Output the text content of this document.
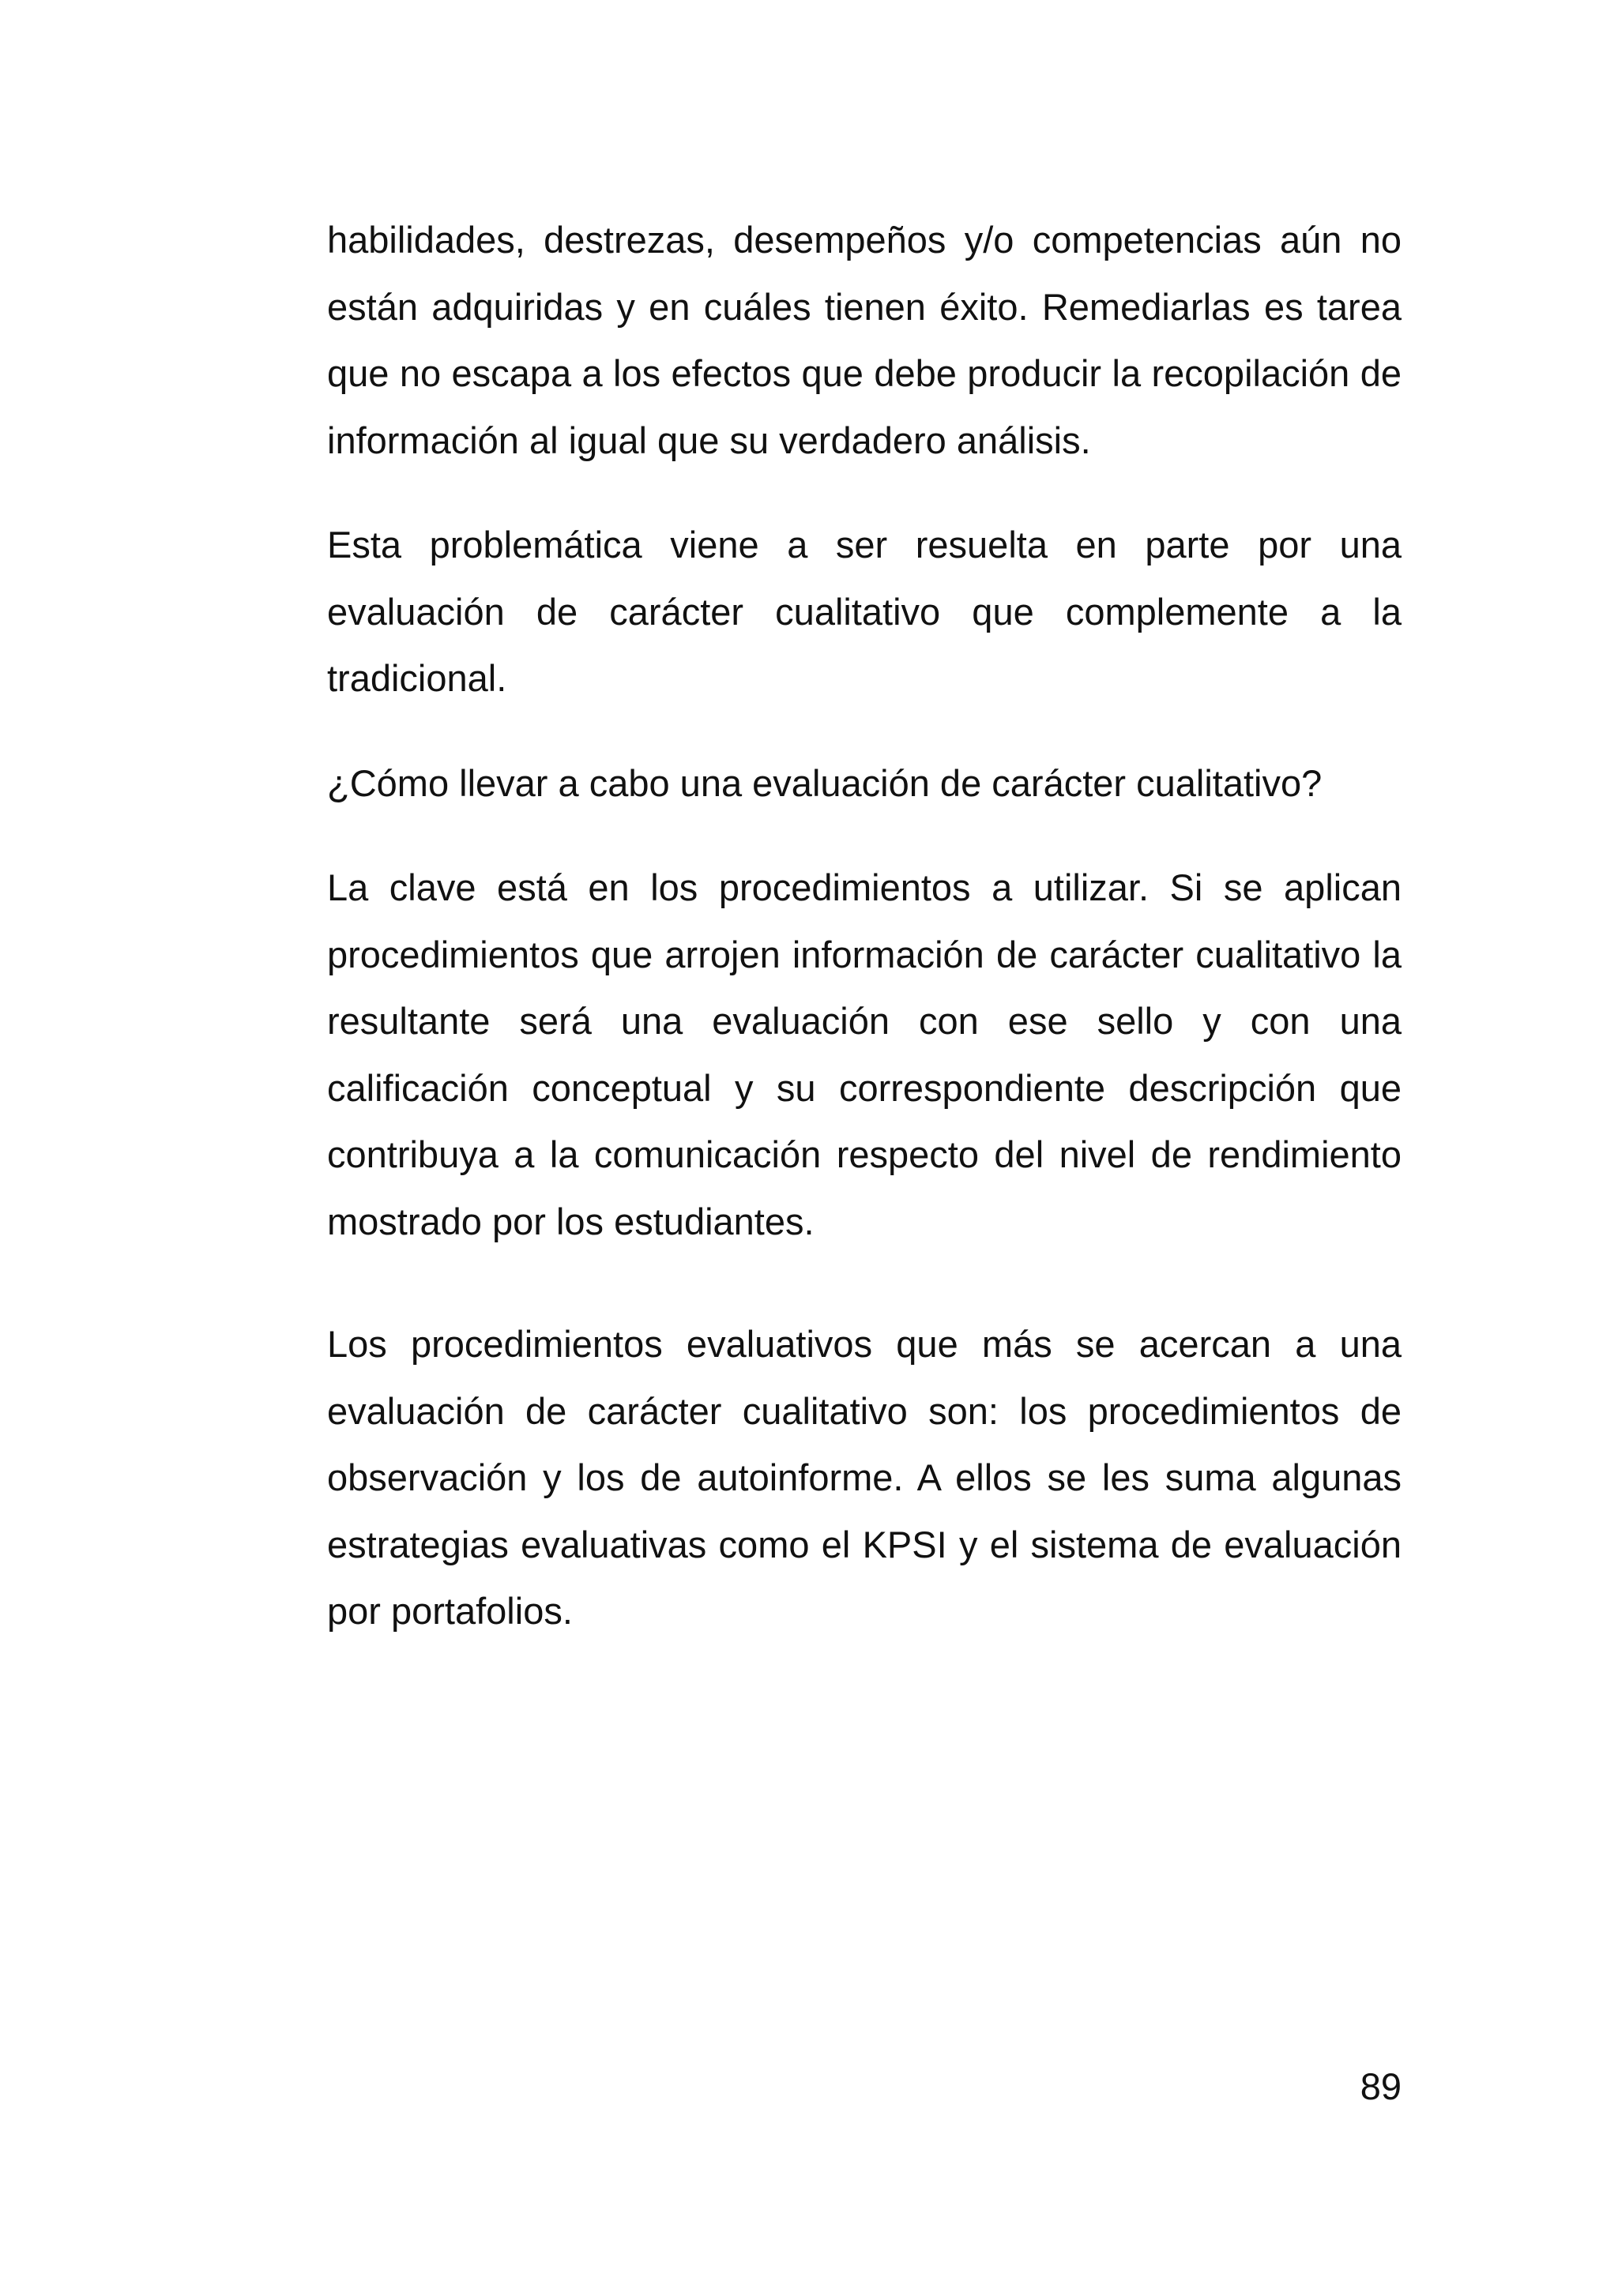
habilidades, destrezas, desempeños y/o competencias aún no están adquiridas y en cuáles tienen éxito. Remediarlas es tarea que no escapa a los efectos que debe producir la recopilación de información al igual que su verdadero análisis.

Esta problemática viene a ser resuelta en parte por una evaluación de carácter cualitativo que complemente a la tradicional.

¿Cómo llevar a cabo una evaluación de carácter cualitativo?

La clave está en los procedimientos a utilizar. Si se aplican procedimientos que arrojen información de carácter cualitativo la resultante será una evaluación con ese sello y con una calificación conceptual y su correspondiente descripción que contribuya a la comunicación respecto del nivel de rendimiento mostrado por los estudiantes.

Los procedimientos evaluativos que más se acercan a una evaluación de carácter cualitativo son: los procedimientos de observación y los de autoinforme. A ellos se les suma algunas estrategias evaluativas como el KPSI y el sistema de evaluación por portafolios.

89
